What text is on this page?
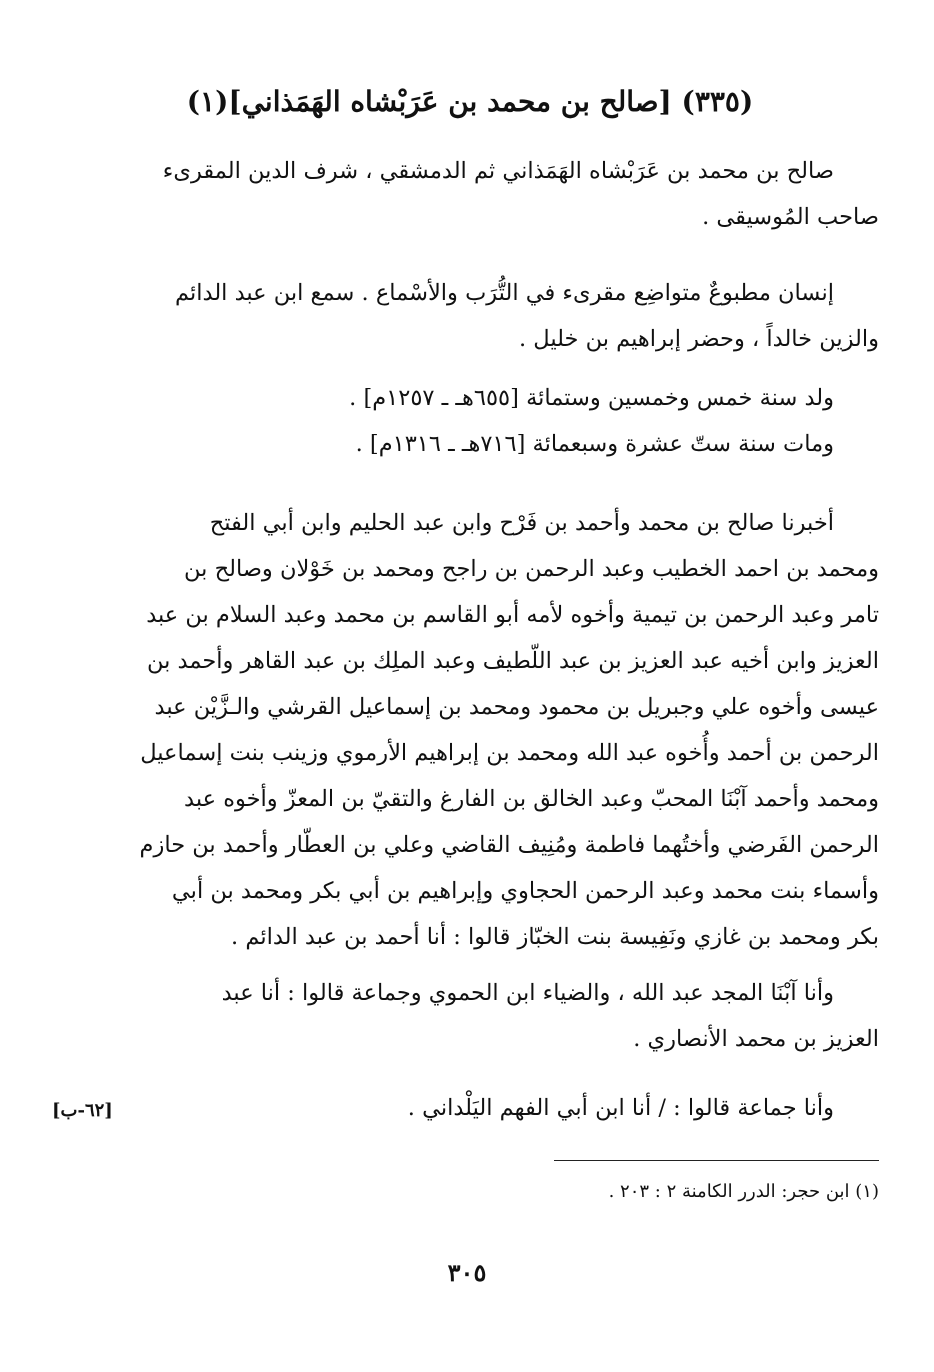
(٣٣٥) [صالح بن محمد بن عَرَبْشاه الهَمَذاني](١)
صالح بن محمد بن عَرَبْشاه الهَمَذاني ثم الدمشقي ، شرف الدين المقرىء
صاحب المُوسيقى .
إنسان مطبوعٌ متواضِع مقرىء في التُّرَب والأسْماع . سمع ابن عبد الدائم
والزين خالداً ، وحضر إبراهيم بن خليل .
ولد سنة خمس وخمسين وستمائة [٦٥٥هـ ـ ١٢٥٧م] .
ومات سنة ستّ عشرة وسبعمائة [٧١٦هـ ـ ١٣١٦م] .
أخبرنا صالح بن محمد وأحمد بن فَرْح وابن عبد الحليم وابن أبي الفتح
ومحمد بن احمد الخطيب وعبد الرحمن بن راجح ومحمد بن خَوْلان وصالح بن
تامر وعبد الرحمن بن تيمية وأخوه لأمه أبو القاسم بن محمد وعبد السلام بن عبد
العزيز وابن أخيه عبد العزيز بن عبد اللّطيف وعبد الملِك بن عبد القاهر وأحمد بن
عيسى وأخوه علي وجبريل بن محمود ومحمد بن إسماعيل القرشي والـزَّيْن عبد
الرحمن بن أحمد وأُخوه عبد الله ومحمد بن إبراهيم الأرموي وزينب بنت إسماعيل
ومحمد وأحمد آبْنَا المحبّ وعبد الخالق بن الفارغ والتقيّ بن المعزّ وأخوه عبد
الرحمن الفَرضي وأختُهما فاطمة ومُنِيف القاضي وعلي بن العطّار وأحمد بن حازم
وأسماء بنت محمد وعبد الرحمن الحجاوي وإبراهيم بن أبي بكر ومحمد بن أبي
بكر ومحمد بن غازي ونَفِيسة بنت الخبّاز قالوا : أنا أحمد بن عبد الدائم .
وأنا آبْنَا المجد عبد الله ، والضياء ابن الحموي وجماعة قالوا : أنا عبد
العزيز بن محمد الأنصاري .
وأنا جماعة قالوا : / أنا ابن أبي الفهم اليَلْداني .
[٦٢-ب]
(١) ابن حجر: الدرر الكامنة ٢ : ٢٠٣ .
٣٠٥
